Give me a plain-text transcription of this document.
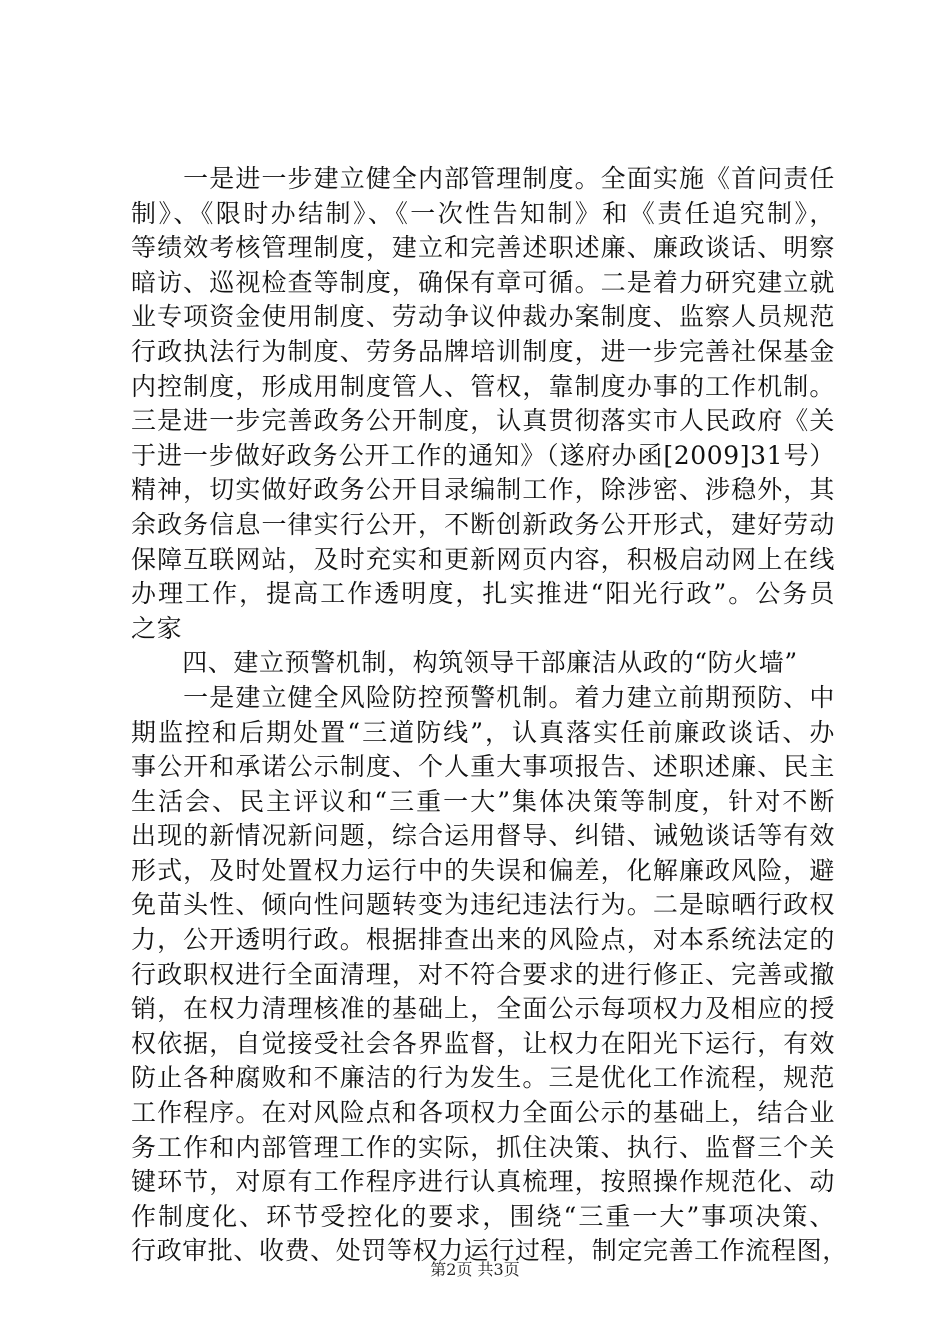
　　一是进一步建立健全内部管理制度。全面实施《首问责任
制》、《限时办结制》、《一次性告知制》和《责任追究制》，
等绩效考核管理制度，建立和完善述职述廉、廉政谈话、明察
暗访、巡视检查等制度，确保有章可循。二是着力研究建立就
业专项资金使用制度、劳动争议仲裁办案制度、监察人员规范
行政执法行为制度、劳务品牌培训制度，进一步完善社保基金
内控制度，形成用制度管人、管权，靠制度办事的工作机制。
三是进一步完善政务公开制度，认真贯彻落实市人民政府《关
于进一步做好政务公开工作的通知》（遂府办函[2009]31号）
精神，切实做好政务公开目录编制工作，除涉密、涉稳外，其
余政务信息一律实行公开，不断创新政务公开形式，建好劳动
保障互联网站，及时充实和更新网页内容，积极启动网上在线
办理工作，提高工作透明度，扎实推进“阳光行政”。公务员
之家
　　四、建立预警机制，构筑领导干部廉洁从政的“防火墙”
　　一是建立健全风险防控预警机制。着力建立前期预防、中
期监控和后期处置“三道防线”，认真落实任前廉政谈话、办
事公开和承诺公示制度、个人重大事项报告、述职述廉、民主
生活会、民主评议和“三重一大”集体决策等制度，针对不断
出现的新情况新问题，综合运用督导、纠错、诫勉谈话等有效
形式，及时处置权力运行中的失误和偏差，化解廉政风险，避
免苗头性、倾向性问题转变为违纪违法行为。二是晾晒行政权
力，公开透明行政。根据排查出来的风险点，对本系统法定的
行政职权进行全面清理，对不符合要求的进行修正、完善或撤
销，在权力清理核准的基础上，全面公示每项权力及相应的授
权依据，自觉接受社会各界监督，让权力在阳光下运行，有效
防止各种腐败和不廉洁的行为发生。三是优化工作流程，规范
工作程序。在对风险点和各项权力全面公示的基础上，结合业
务工作和内部管理工作的实际，抓住决策、执行、监督三个关
键环节，对原有工作程序进行认真梳理，按照操作规范化、动
作制度化、环节受控化的要求，围绕“三重一大”事项决策、
行政审批、收费、处罚等权力运行过程，制定完善工作流程图，
第2页 共3页
